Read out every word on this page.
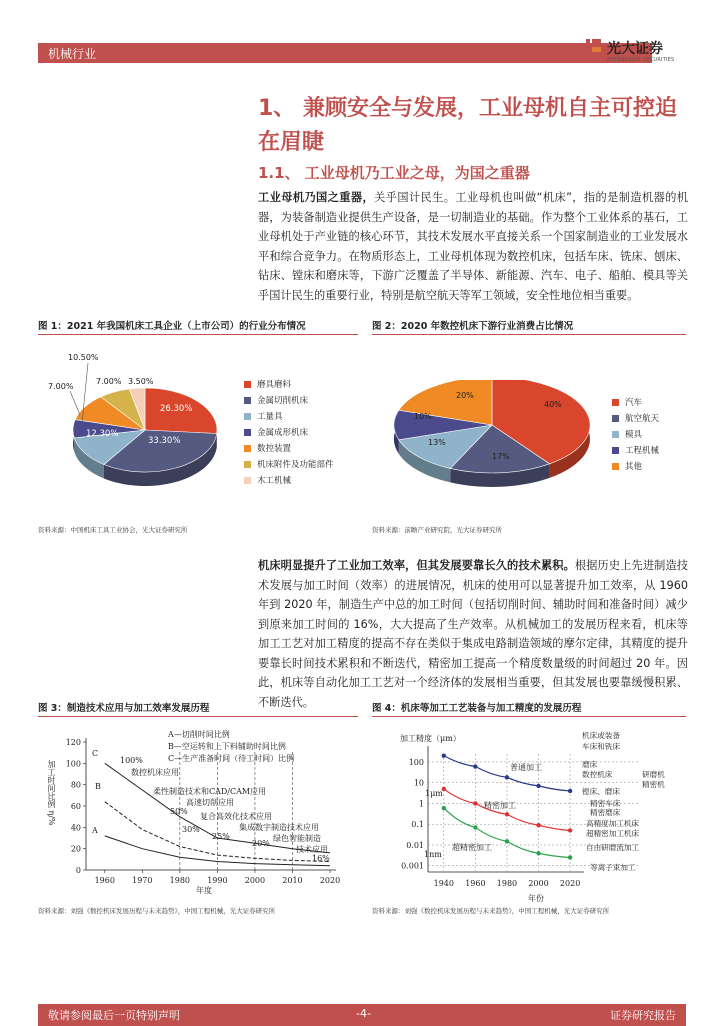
机械行业	光大证券
EVERBRIGHT SECURITIES
1、 兼顾安全与发展，工业母机自主可控迫在眉睫
1.1、 工业母机乃工业之母，为国之重器
工业母机乃国之重器，关乎国计民生。工业母机也叫做“机床”，指的是制造机器的机器，为装备制造业提供生产设备，是一切制造业的基础。作为整个工业体系的基石，工业母机处于产业链的核心环节，其技术发展水平直接关系一个国家制造业的工业发展水平和综合竞争力。在物质形态上，工业母机体现为数控机床，包括车床、铣床、刨床、钻床、镗床和磨床等，下游广泛覆盖了半导体、新能源、汽车、电子、船舶、模具等关乎国计民生的重要行业，特别是航空航天等军工领域，安全性地位相当重要。
图 1：2021 年我国机床工具企业（上市公司）的行业分布情况
10.50%
7.00%
7.00% 3.50%
26.30%
33.30%
12.30%
磨具磨料
金属切削机床
工量具
金属成形机床
数控装置
机床附件及功能部件
木工机械
资料来源：中国机床工具工业协会，光大证券研究所
图 2：2020 年数控机床下游行业消费占比情况
40%
20%
10%
13%
17%
汽车
航空航天
模具
工程机械
其他
资料来源：前瞻产业研究院，光大证券研究所
机床明显提升了工业加工效率，但其发展要靠长久的技术累积。根据历史上先进制造技术发展与加工时间（效率）的进展情况，机床的使用可以显著提升加工效率，从 1960 年到 2020 年，制造生产中总的加工时间（包括切削时间、辅助时间和准备时间）减少到原来加工时间的 16%，大大提高了生产效率。从机械加工的发展历程来看，机床等加工工艺对加工精度的提高不存在类似于集成电路制造领域的摩尔定律，其精度的提升要靠长时间技术累积和不断迭代，精密加工提高一个精度数量级的时间超过 20 年。因此，机床等自动化加工工艺对一个经济体的发展相当重要，但其发展也要靠缓慢积累、不断迭代。
图 3：制造技术应用与加工效率发展历程
0
20
40
60
80
100
120
1960 1970 1980 1990 2000 2010 2020
A—切削时间比例
B—空运转和上下料辅助时间比例
C—生产准备时间（待工时间）比例
C
B
A
100%
数控机床应用
柔性制造技术和CAD/CAM应用
50%
高速切削应用
30%
复合高效化技术应用
25%
集成数字制造技术应用
20%
绿色智能制造
技术应用
16%
年度
加工时间比例 η/%
资料来源：刘强《数控机床发展历程与未来趋势》，中国工程机械，光大证券研究所
图 4：机床等加工工艺装备与加工精度的发展历程
100
10
1
0.1
0.01
0.001
1940 1960 1980 2000 2020
加工精度（μm）
普通加工
精密加工
超精密加工
1μm
1nm
机床或装备
车床和铣床
磨床
数控机床	研磨机
精密机
镗床、磨床
精密车床
精密磨床
高精度加工机床
超精密加工机床
自由研磨流加工
等离子束加工
年份
资料来源：刘强《数控机床发展历程与未来趋势》，中国工程机械，光大证券研究所
敬请参阅最后一页特别声明	-4-	证券研究报告
